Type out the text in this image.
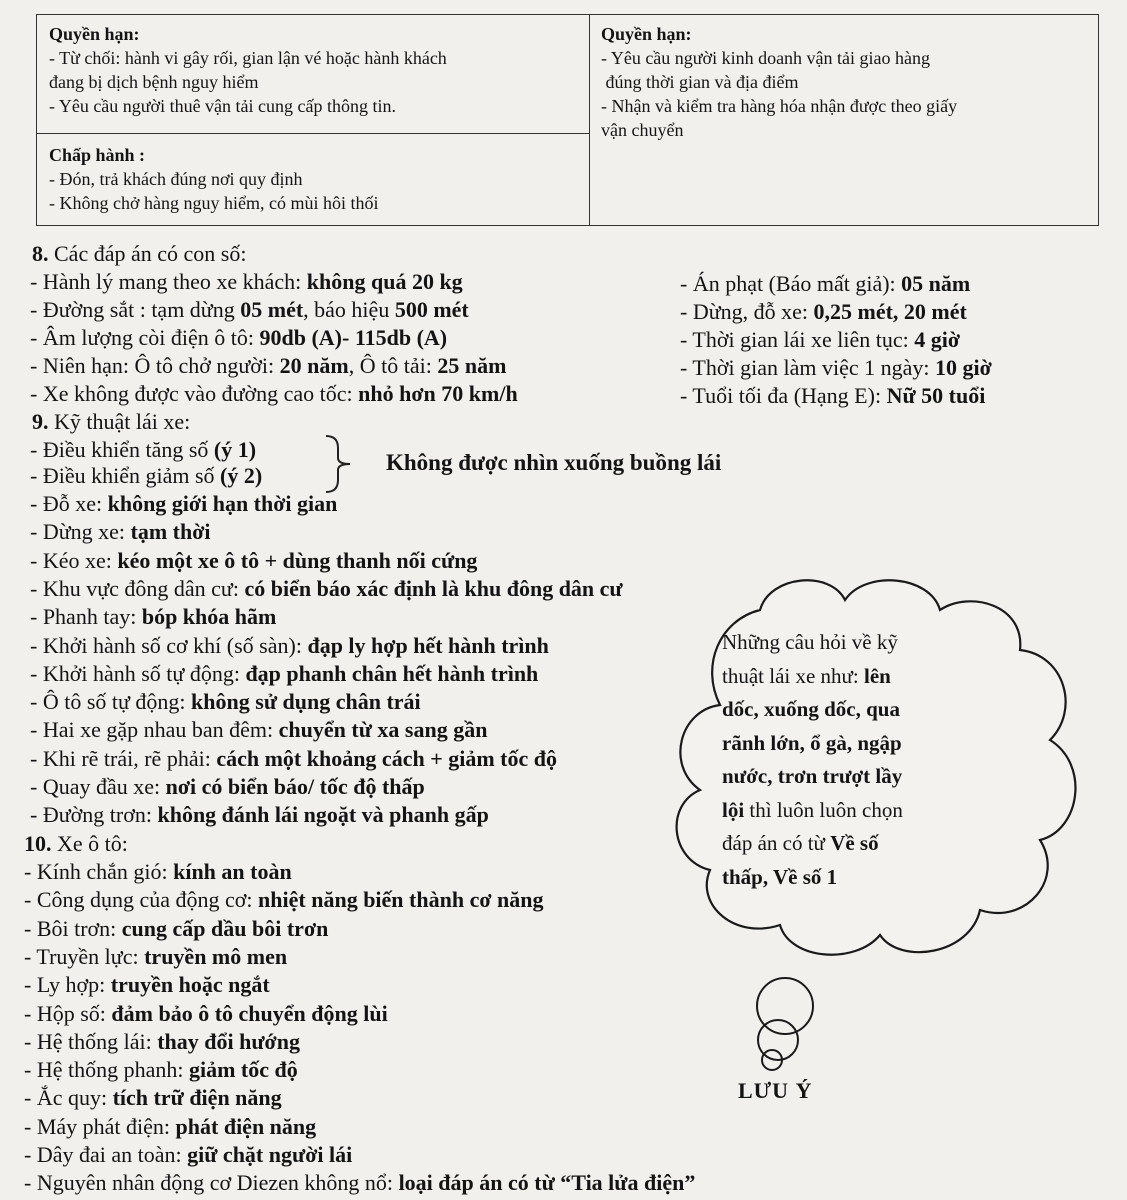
Quyền hạn:
- Từ chối: hành vi gây rối, gian lận vé hoặc hành khách
đang bị dịch bệnh nguy hiểm
- Yêu cầu người thuê vận tải cung cấp thông tin.
Chấp hành :
- Đón, trả khách đúng nơi quy định
- Không chở hàng nguy hiểm, có mùi hôi thối
Quyền hạn:
- Yêu cầu người kinh doanh vận tải giao hàng
đúng thời gian và địa điểm
- Nhận và kiểm tra hàng hóa nhận được theo giấy
vận chuyển
8. Các đáp án có con số:
- Hành lý mang theo xe khách: không quá 20 kg
- Đường sắt : tạm dừng 05 mét, báo hiệu 500 mét
- Âm lượng còi điện ô tô: 90db (A)- 115db (A)
- Niên hạn: Ô tô chở người: 20 năm, Ô tô tải: 25 năm
- Xe không được vào đường cao tốc: nhỏ hơn 70 km/h
- Án phạt (Báo mất giả): 05 năm
- Dừng, đỗ xe: 0,25 mét, 20 mét
- Thời gian lái xe liên tục: 4 giờ
- Thời gian làm việc 1 ngày: 10 giờ
- Tuổi tối đa (Hạng E): Nữ 50 tuổi
9. Kỹ thuật lái xe:
- Điều khiển tăng số (ý 1)
- Điều khiển giảm số (ý 2)
Không được nhìn xuống buồng lái
- Đỗ xe: không giới hạn thời gian
- Dừng xe: tạm thời
- Kéo xe: kéo một xe ô tô + dùng thanh nối cứng
- Khu vực đông dân cư: có biển báo xác định là khu đông dân cư
- Phanh tay: bóp khóa hãm
- Khởi hành số cơ khí (số sàn): đạp ly hợp hết hành trình
- Khởi hành số tự động: đạp phanh chân hết hành trình
- Ô tô số tự động: không sử dụng chân trái
- Hai xe gặp nhau ban đêm: chuyển từ xa sang gần
- Khi rẽ trái, rẽ phải: cách một khoảng cách + giảm tốc độ
- Quay đầu xe: nơi có biển báo/ tốc độ thấp
- Đường trơn: không đánh lái ngoặt và phanh gấp
10. Xe ô tô:
- Kính chắn gió: kính an toàn
- Công dụng của động cơ: nhiệt năng biến thành cơ năng
- Bôi trơn: cung cấp dầu bôi trơn
- Truyền lực: truyền mô men
- Ly hợp: truyền hoặc ngắt
- Hộp số: đảm bảo ô tô chuyển động lùi
- Hệ thống lái: thay đổi hướng
- Hệ thống phanh: giảm tốc độ
- Ắc quy: tích trữ điện năng
- Máy phát điện: phát điện năng
- Dây đai an toàn: giữ chặt người lái
- Nguyên nhân động cơ Diezen không nổ: loại đáp án có từ “Tia lửa điện”
Những câu hỏi về kỹ
thuật lái xe như: lên
dốc, xuống dốc, qua
rãnh lớn, ổ gà, ngập
nước, trơn trượt lầy
lội thì luôn luôn chọn
đáp án có từ Về số
thấp, Về số 1
LƯU Ý
